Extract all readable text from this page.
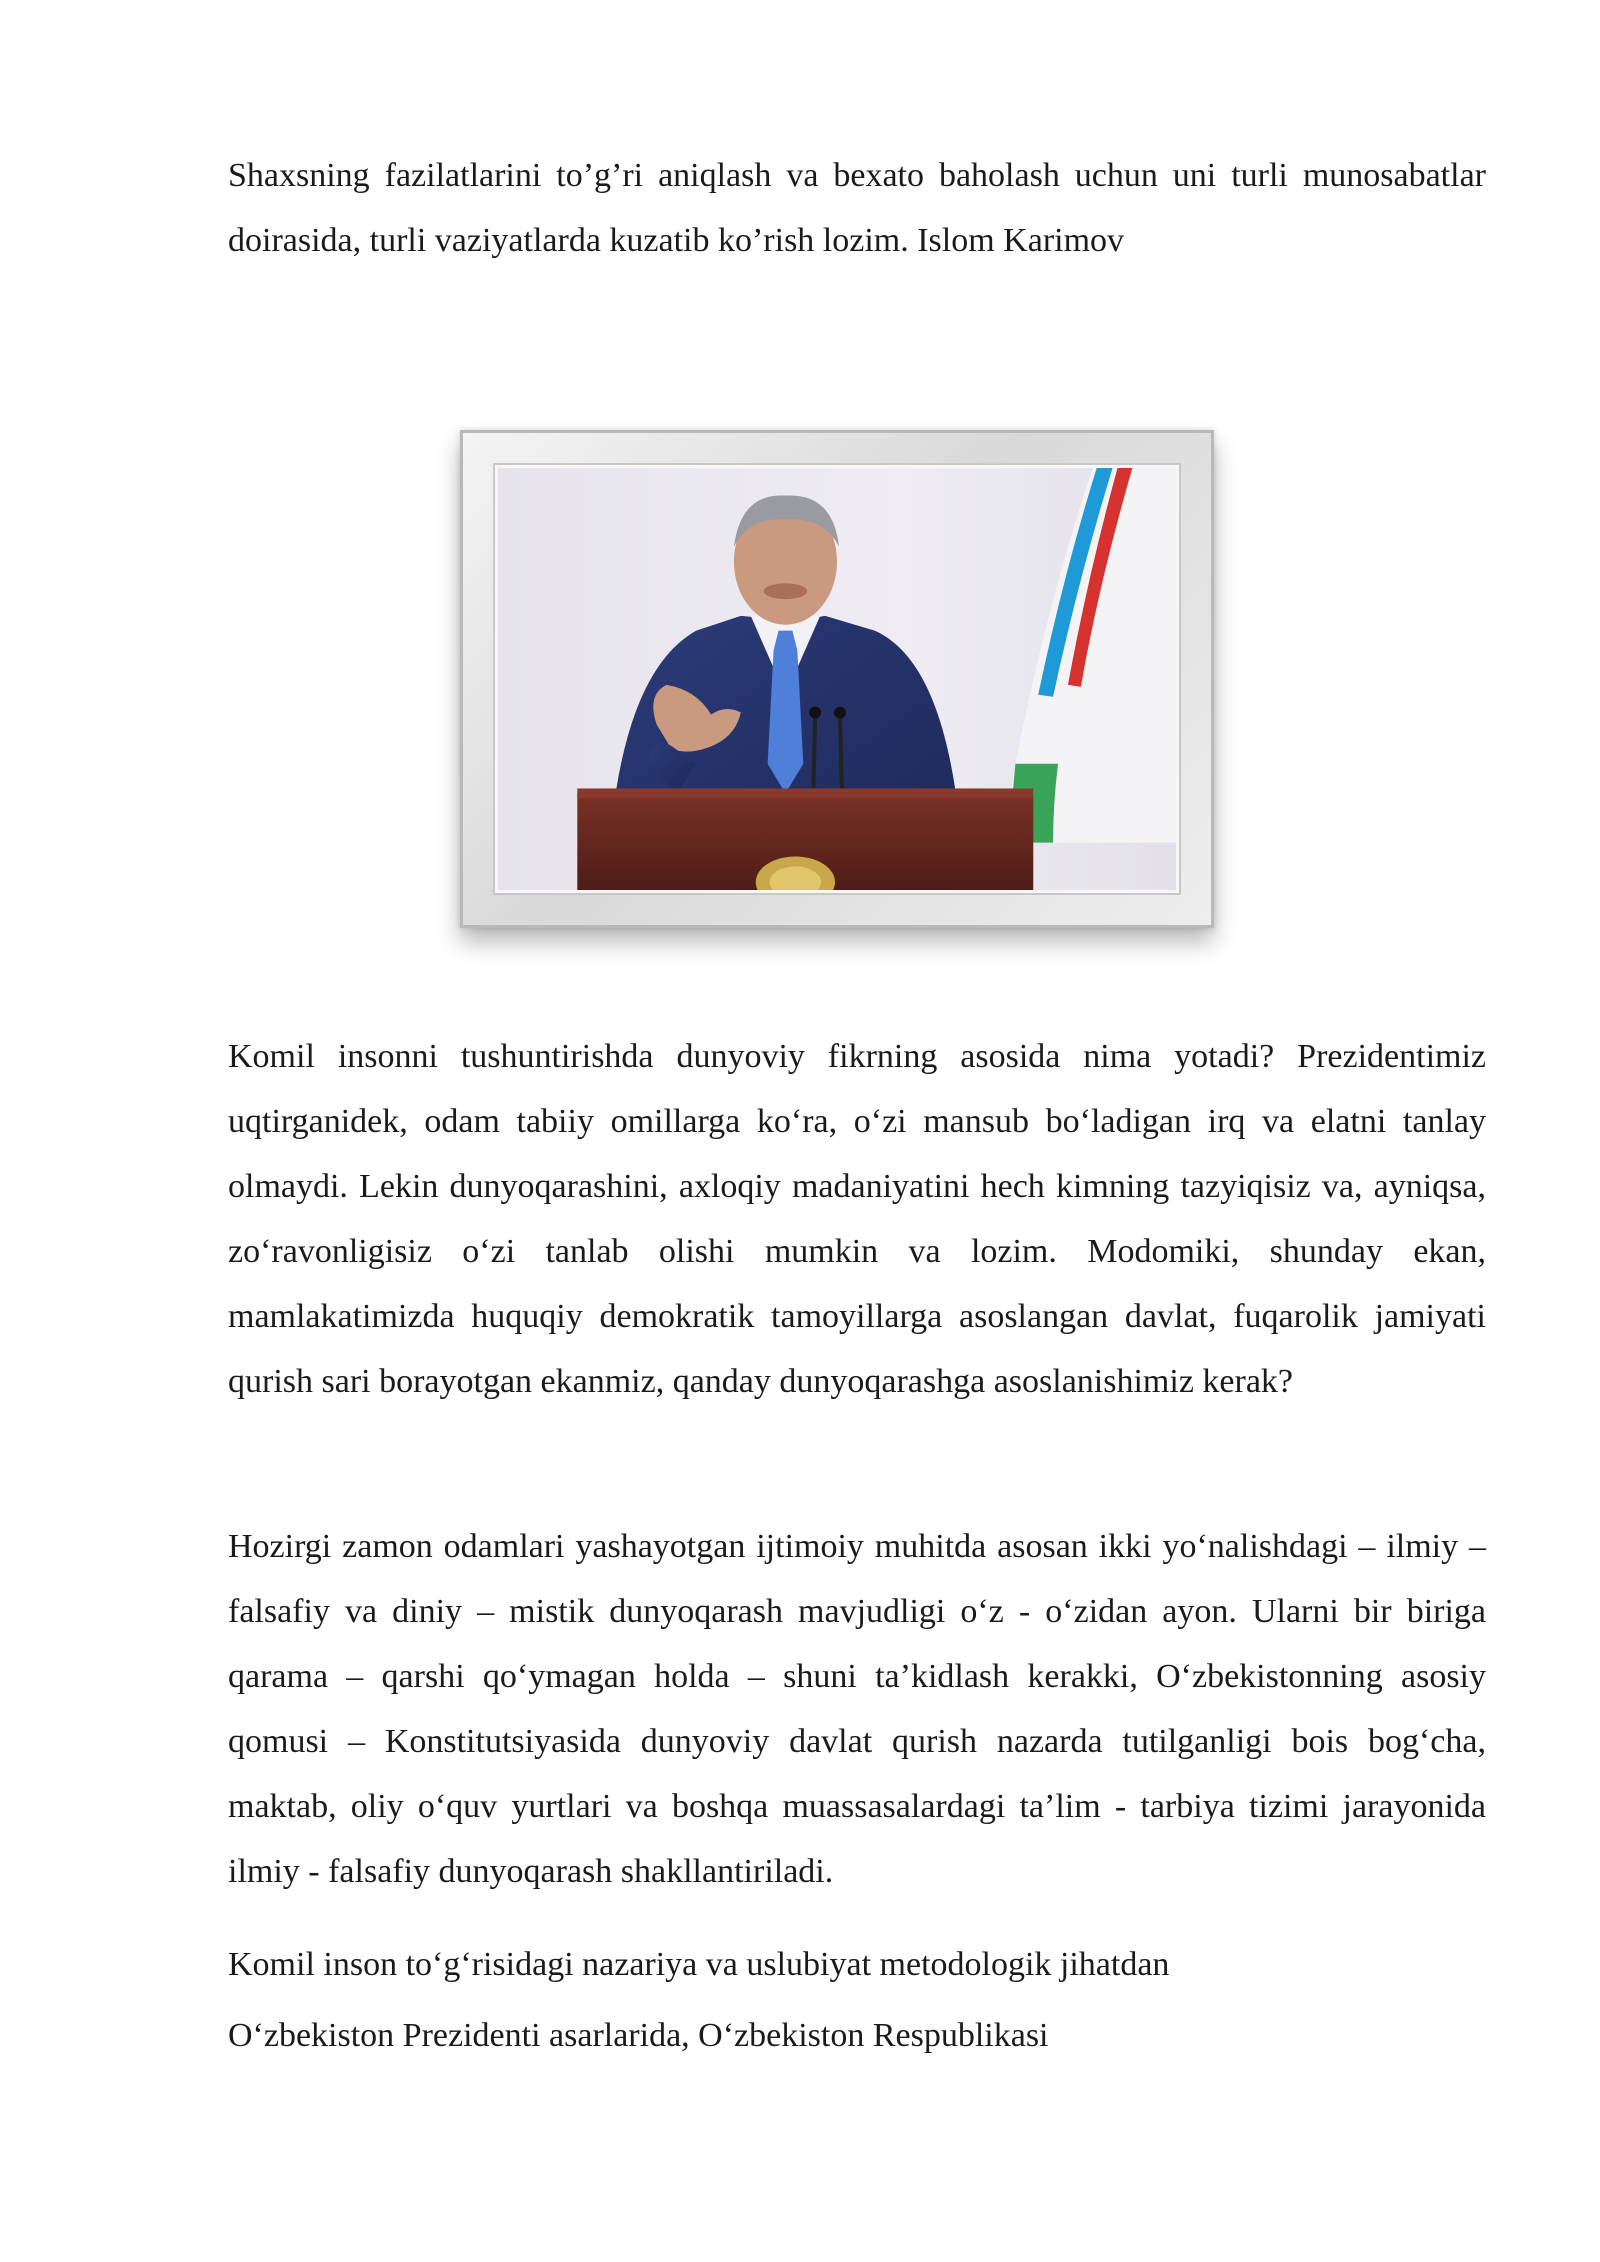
Shaxsning fazilatlarini to’g’ri aniqlash va bexato baholash uchun uni turli munosabatlar doirasida, turli vaziyatlarda kuzatib ko’rish lozim. Islom Karimov

Komil insonni tushuntirishda dunyoviy fikrning asosida nima yotadi? Prezidentimiz uqtirganidek, odam tabiiy omillarga ko‘ra, o‘zi mansub bo‘ladigan irq va elatni tanlay olmaydi. Lekin dunyoqarashini, axloqiy madaniyatini hech kimning tazyiqisiz va, ayniqsa, zo‘ravonligisiz o‘zi tanlab olishi mumkin va lozim. Modomiki, shunday ekan, mamlakatimizda huquqiy demokratik tamoyillarga asoslangan davlat, fuqarolik jamiyati qurish sari borayotgan ekanmiz, qanday dunyoqarashga asoslanishimiz kerak?

Hozirgi zamon odamlari yashayotgan ijtimoiy muhitda asosan ikki yo‘nalishdagi – ilmiy – falsafiy va diniy – mistik dunyoqarash mavjudligi o‘z - o‘zidan ayon. Ularni bir biriga qarama – qarshi qo‘ymagan holda – shuni ta’kidlash kerakki, O‘zbekistonning asosiy qomusi – Konstitutsiyasida dunyoviy davlat qurish nazarda tutilganligi bois bog‘cha, maktab, oliy o‘quv yurtlari va boshqa muassasalardagi ta’lim - tarbiya tizimi jarayonida ilmiy - falsafiy dunyoqarash shakllantiriladi.

Komil inson to‘g‘risidagi nazariya va uslubiyat metodologik jihatdan

O‘zbekiston Prezidenti asarlarida, O‘zbekiston Respublikasi
